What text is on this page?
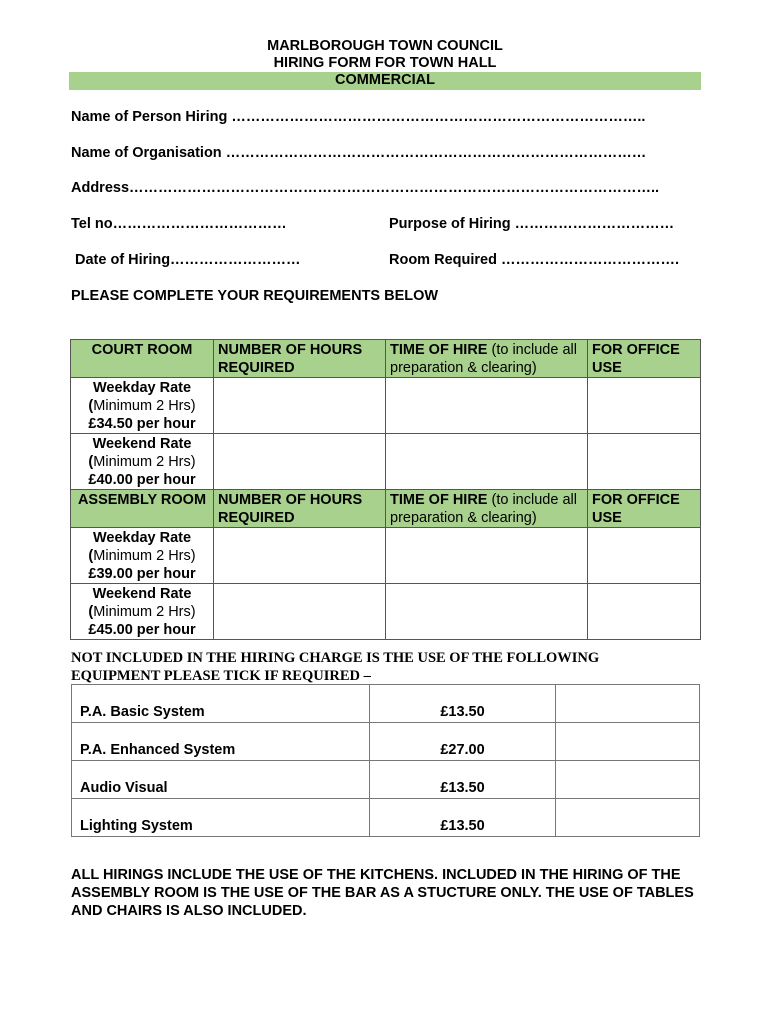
MARLBOROUGH TOWN COUNCIL
HIRING FORM FOR TOWN HALL
COMMERCIAL
Name of Person Hiring …………………………………………………………………………..
Name of Organisation ……………………………………………………………………………
Address………………………………………………………………………………………………..
Tel no………………………………	Purpose of Hiring ……………………………
Date of Hiring………………………	Room Required ……………………………….
PLEASE COMPLETE YOUR REQUIREMENTS BELOW
COURT ROOM	NUMBER OF HOURS REQUIRED	TIME OF HIRE (to include all preparation & clearing)	FOR OFFICE USE

Weekday Rate
(Minimum 2 Hrs)
£34.50 per hour			

Weekend Rate
(Minimum 2 Hrs)
£40.00 per hour			

ASSEMBLY ROOM	NUMBER OF HOURS REQUIRED	TIME OF HIRE (to include all preparation & clearing)	FOR OFFICE USE

Weekday Rate
(Minimum 2 Hrs)
£39.00 per hour			

Weekend Rate
(Minimum 2 Hrs)
£45.00 per hour			

NOT INCLUDED IN THE HIRING CHARGE IS THE USE OF THE FOLLOWING EQUIPMENT PLEASE TICK IF REQUIRED –
P.A. Basic System	£13.50	
P.A. Enhanced System	£27.00	
Audio Visual	£13.50	
Lighting System	£13.50	
ALL HIRINGS INCLUDE THE USE OF THE KITCHENS. INCLUDED IN THE HIRING OF THE ASSEMBLY ROOM IS THE USE OF THE BAR AS A STUCTURE ONLY. THE USE OF TABLES AND CHAIRS IS ALSO INCLUDED.
